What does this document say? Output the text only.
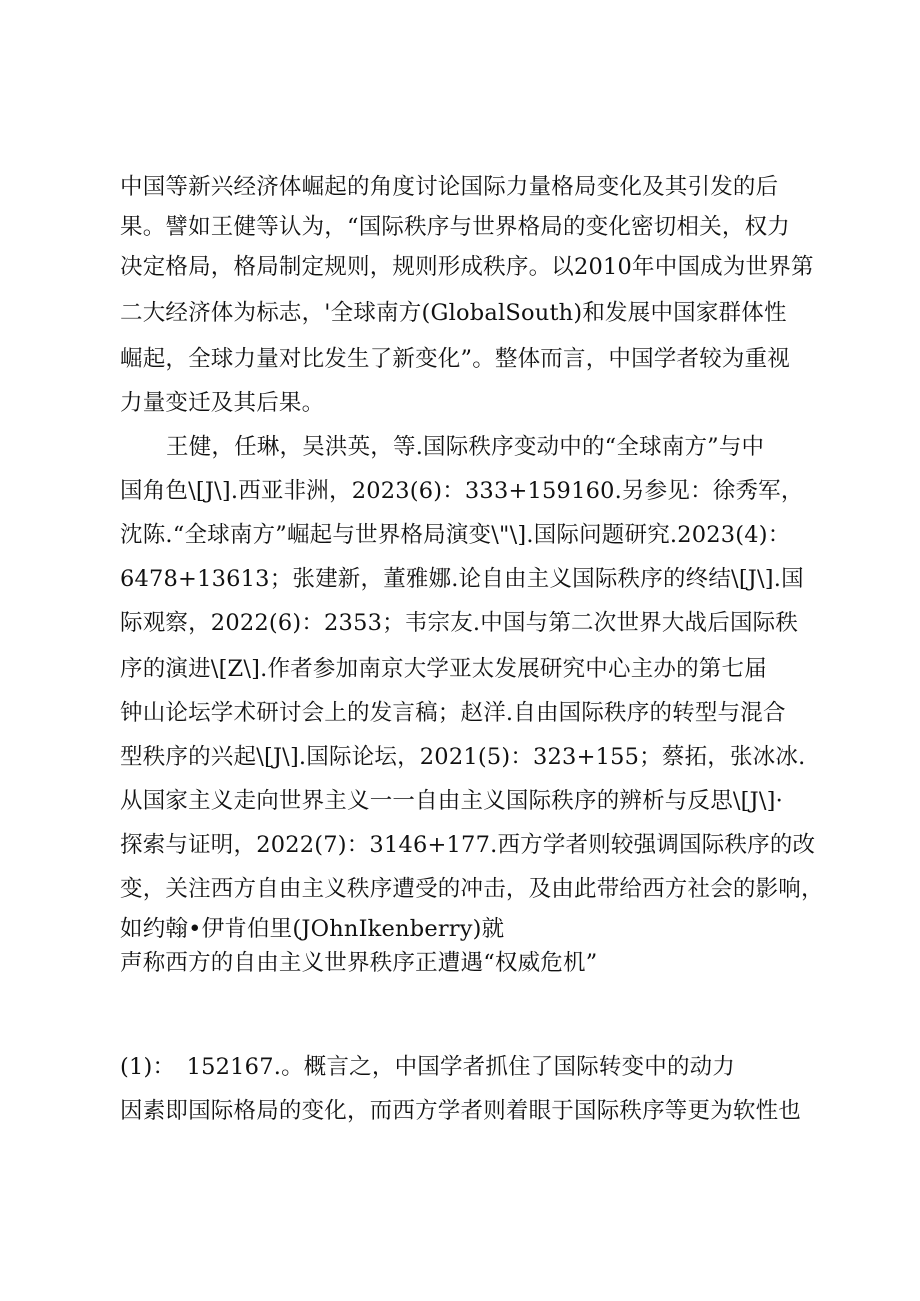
中国等新兴经济体崛起的角度讨论国际力量格局变化及其引发的后
果。譬如王健等认为，“国际秩序与世界格局的变化密切相关，权力
决定格局，格局制定规则，规则形成秩序。以2010年中国成为世界第
二大经济体为标志，'全球南方(GlobalSouth)和发展中国家群体性
崛起，全球力量对比发生了新变化”。整体而言，中国学者较为重视
力量变迁及其后果。
王健，任琳，吴洪英，等.国际秩序变动中的“全球南方”与中
国角色\[J\].西亚非洲，2023(6)：333+159160.另参见：徐秀军，
沈陈.“全球南方”崛起与世界格局演变\"\].国际问题研究.2023(4)：
6478+13613；张建新，董雅娜.论自由主义国际秩序的终结\[J\].国
际观察，2022(6)：2353；韦宗友.中国与第二次世界大战后国际秩
序的演进\[Z\].作者参加南京大学亚太发展研究中心主办的第七届
钟山论坛学术研讨会上的发言稿；赵洋.自由国际秩序的转型与混合
型秩序的兴起\[J\].国际论坛，2021(5)：323+155；蔡拓，张冰冰.
从国家主义走向世界主义一一自由主义国际秩序的辨析与反思\[J\]·
探索与证明，2022(7)：3146+177.西方学者则较强调国际秩序的改
变，关注西方自由主义秩序遭受的冲击，及由此带给西方社会的影响，
如约翰•伊肯伯里(JOhnIkenberry)就
声称西方的自由主义世界秩序正遭遇“权威危机”
(1)：　152167.。概言之，中国学者抓住了国际转变中的动力
因素即国际格局的变化，而西方学者则着眼于国际秩序等更为软性也
